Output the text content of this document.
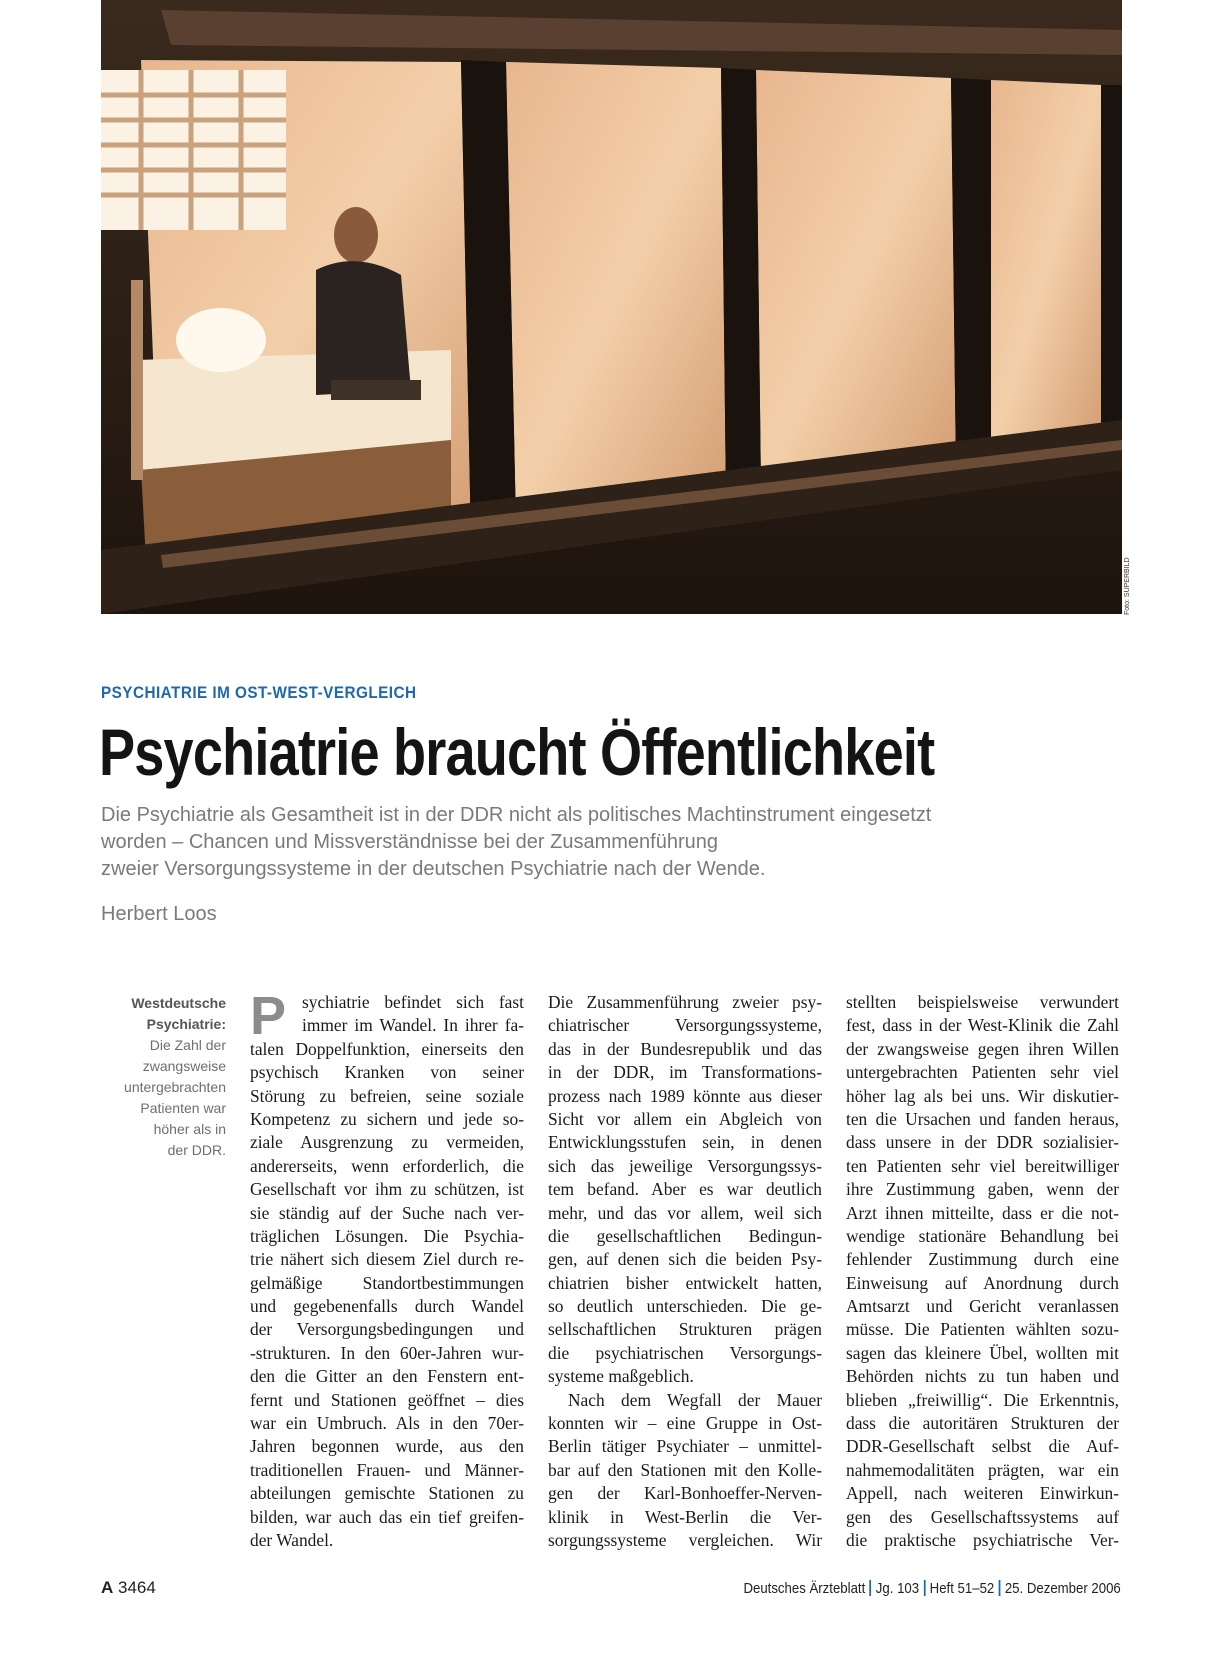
Foto: SUPERBILD
PSYCHIATRIE IM OST-WEST-VERGLEICH
Psychiatrie braucht Öffentlichkeit
Die Psychiatrie als Gesamtheit ist in der DDR nicht als politisches Machtinstrument eingesetzt
worden – Chancen und Missverständnisse bei der Zusammenführung
zweier Versorgungssysteme in der deutschen Psychiatrie nach der Wende.
Herbert Loos
Westdeutsche
Psychiatrie:
Die Zahl der
zwangsweise
untergebrachten
Patienten war
höher als in
der DDR.
P sychiatrie befindet sich fast
immer im Wandel. In ihrer fa-
talen Doppelfunktion, einerseits den
psychisch Kranken von seiner
Störung zu befreien, seine soziale
Kompetenz zu sichern und jede so-
ziale Ausgrenzung zu vermeiden,
andererseits, wenn erforderlich, die
Gesellschaft vor ihm zu schützen, ist
sie ständig auf der Suche nach ver-
träglichen Lösungen. Die Psychia-
trie nähert sich diesem Ziel durch re-
gelmäßige Standortbestimmungen
und gegebenenfalls durch Wandel
der Versorgungsbedingungen und
-strukturen. In den 60er-Jahren wur-
den die Gitter an den Fenstern ent-
fernt und Stationen geöffnet – dies
war ein Umbruch. Als in den 70er-
Jahren begonnen wurde, aus den
traditionellen Frauen- und Männer-
abteilungen gemischte Stationen zu
bilden, war auch das ein tief greifen-
der Wandel.
Die Zusammenführung zweier psy-
chiatrischer Versorgungssysteme,
das in der Bundesrepublik und das
in der DDR, im Transformations-
prozess nach 1989 könnte aus dieser
Sicht vor allem ein Abgleich von
Entwicklungsstufen sein, in denen
sich das jeweilige Versorgungssys-
tem befand. Aber es war deutlich
mehr, und das vor allem, weil sich
die gesellschaftlichen Bedingun-
gen, auf denen sich die beiden Psy-
chiatrien bisher entwickelt hatten,
so deutlich unterschieden. Die ge-
sellschaftlichen Strukturen prägen
die psychiatrischen Versorgungs-
systeme maßgeblich.
Nach dem Wegfall der Mauer
konnten wir – eine Gruppe in Ost-
Berlin tätiger Psychiater – unmittel-
bar auf den Stationen mit den Kolle-
gen der Karl-Bonhoeffer-Nerven-
klinik in West-Berlin die Ver-
sorgungssysteme vergleichen. Wir
stellten beispielsweise verwundert
fest, dass in der West-Klinik die Zahl
der zwangsweise gegen ihren Willen
untergebrachten Patienten sehr viel
höher lag als bei uns. Wir diskutier-
ten die Ursachen und fanden heraus,
dass unsere in der DDR sozialisier-
ten Patienten sehr viel bereitwilliger
ihre Zustimmung gaben, wenn der
Arzt ihnen mitteilte, dass er die not-
wendige stationäre Behandlung bei
fehlender Zustimmung durch eine
Einweisung auf Anordnung durch
Amtsarzt und Gericht veranlassen
müsse. Die Patienten wählten sozu-
sagen das kleinere Übel, wollten mit
Behörden nichts zu tun haben und
blieben „freiwillig“. Die Erkenntnis,
dass die autoritären Strukturen der
DDR-Gesellschaft selbst die Auf-
nahmemodalitäten prägten, war ein
Appell, nach weiteren Einwirkun-
gen des Gesellschaftssystems auf
die praktische psychiatrische Ver-
A 3464	Deutsches Ärzteblatt Jg. 103 Heft 51–52 25. Dezember 2006
